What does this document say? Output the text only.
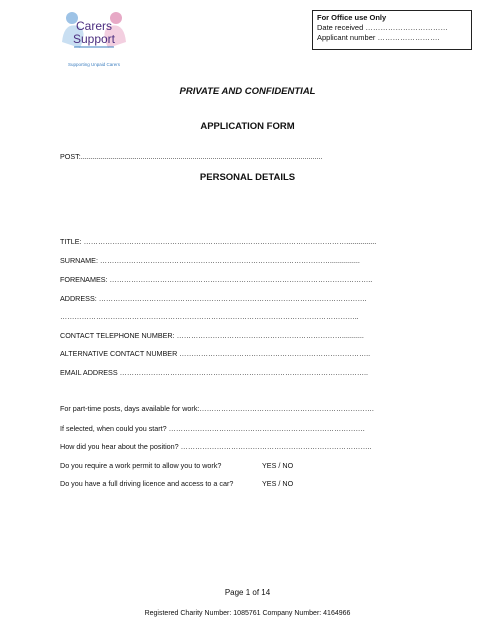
Carers
Support
Supporting Unpaid Carers
For Office use Only
Date received ……………………………
Applicant number …………………….
PRIVATE AND CONFIDENTIAL
APPLICATION FORM
POST:.........................................................................................................................
PERSONAL DETAILS
TITLE: ………………………………………………….……….……………………………………...............
SURNAME: ……………………………………………………………………………………...............
FORENAMES: ………………………………………………………………………………………………..
ADDRESS: ………………………………………………………………………………………………….
……………………………………………………………………………………………………………..
CONTACT TELEPHONE NUMBER: ……………………………………………………………...........
ALTERNATIVE CONTACT NUMBER ……………………………………………………………………..
EMAIL ADDRESS …………………………………………………………………………………………..
For part-time posts, days available for work:……………………………………………………………….
If selected, when could you start? ……………………………………………………………………….
How did you hear about the position? ……………………………………………………………………..
Do you require a work permit to allow you to work?	YES / NO
Do you have a full driving licence and access to a car?	YES / NO
Page 1 of 14
Registered Charity Number: 1085761 Company Number: 4164966
